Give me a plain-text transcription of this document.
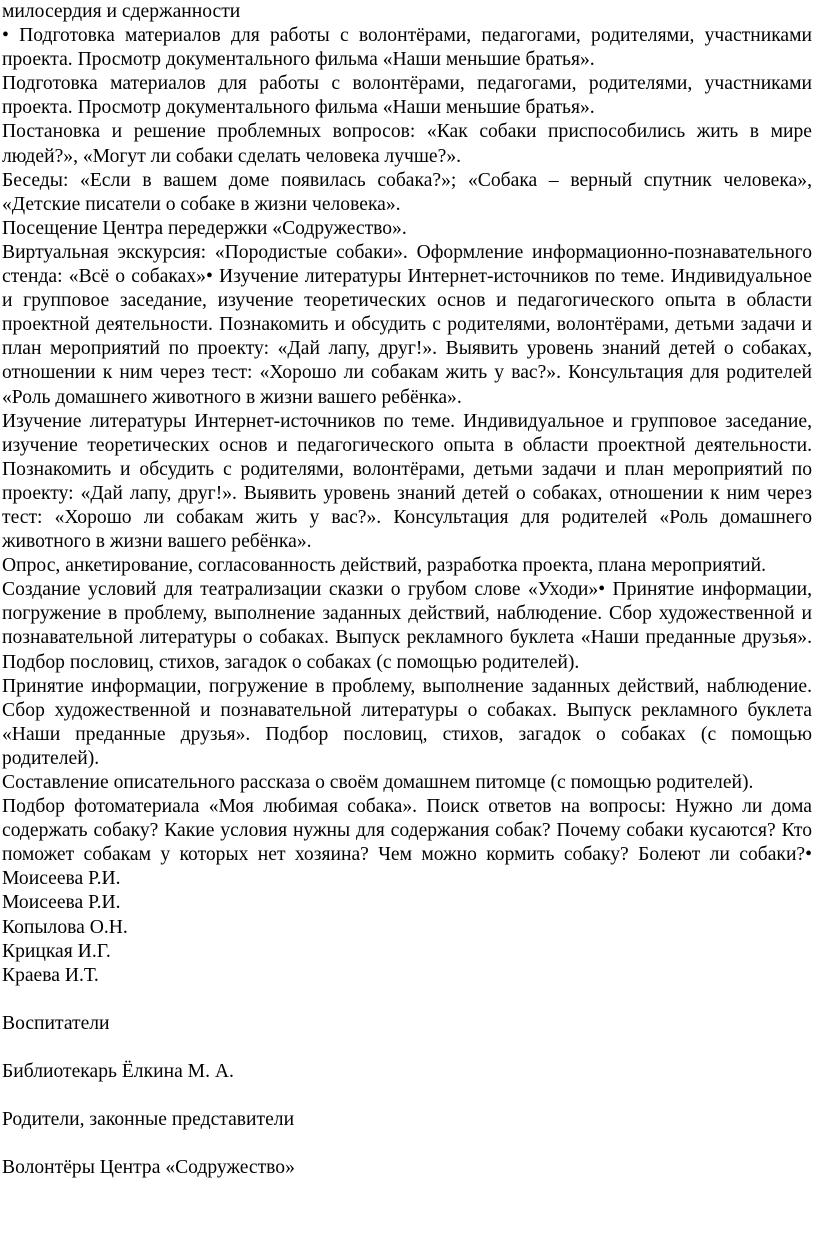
милосердия и сдержанности

• Подготовка материалов для работы с волонтёрами, педагогами, родителями, участниками проекта. Просмотр документального фильма «Наши меньшие братья».

Подготовка материалов для работы с волонтёрами, педагогами, родителями, участниками проекта. Просмотр документального фильма «Наши меньшие братья».

Постановка и решение проблемных вопросов: «Как собаки приспособились жить в мире людей?», «Могут ли собаки сделать человека лучше?».

Беседы: «Если в вашем доме появилась собака?»; «Собака – верный спутник человека», «Детские писатели о собаке в жизни человека».

Посещение Центра передержки «Содружество».

Виртуальная экскурсия: «Породистые собаки». Оформление информационно-познавательного стенда: «Всё о собаках»• Изучение литературы Интернет-источников по теме. Индивидуальное и групповое заседание, изучение теоретических основ и педагогического опыта в области проектной деятельности. Познакомить и обсудить с родителями, волонтёрами, детьми задачи и план мероприятий по проекту: «Дай лапу, друг!». Выявить уровень знаний детей о собаках, отношении к ним через тест: «Хорошо ли собакам жить у вас?». Консультация для родителей «Роль домашнего животного в жизни вашего ребёнка».

Изучение литературы Интернет-источников по теме. Индивидуальное и групповое заседание, изучение теоретических основ и педагогического опыта в области проектной деятельности. Познакомить и обсудить с родителями, волонтёрами, детьми задачи и план мероприятий по проекту: «Дай лапу, друг!». Выявить уровень знаний детей о собаках, отношении к ним через тест: «Хорошо ли собакам жить у вас?». Консультация для родителей «Роль домашнего животного в жизни вашего ребёнка».

Опрос, анкетирование, согласованность действий, разработка проекта, плана мероприятий.

Создание условий для театрализации сказки о грубом слове «Уходи»• Принятие информации, погружение в проблему, выполнение заданных действий, наблюдение. Сбор художественной и познавательной литературы о собаках. Выпуск рекламного буклета «Наши преданные друзья». Подбор пословиц, стихов, загадок о собаках (с помощью родителей).

Принятие информации, погружение в проблему, выполнение заданных действий, наблюдение. Сбор художественной и познавательной литературы о собаках. Выпуск рекламного буклета «Наши преданные друзья». Подбор пословиц, стихов, загадок о собаках (с помощью родителей).

Составление описательного рассказа о своём домашнем питомце (с помощью родителей).

Подбор фотоматериала «Моя любимая собака». Поиск ответов на вопросы: Нужно ли дома содержать собаку? Какие условия нужны для содержания собак? Почему собаки кусаются? Кто поможет собакам у которых нет хозяина? Чем можно кормить собаку? Болеют ли собаки?• Моисеева Р.И.

Моисеева Р.И.

Копылова О.Н.

Крицкая И.Г.

Краева И.Т.

Воспитатели

Библиотекарь Ёлкина М. А.

Родители, законные представители

Волонтёры Центра «Содружество»
